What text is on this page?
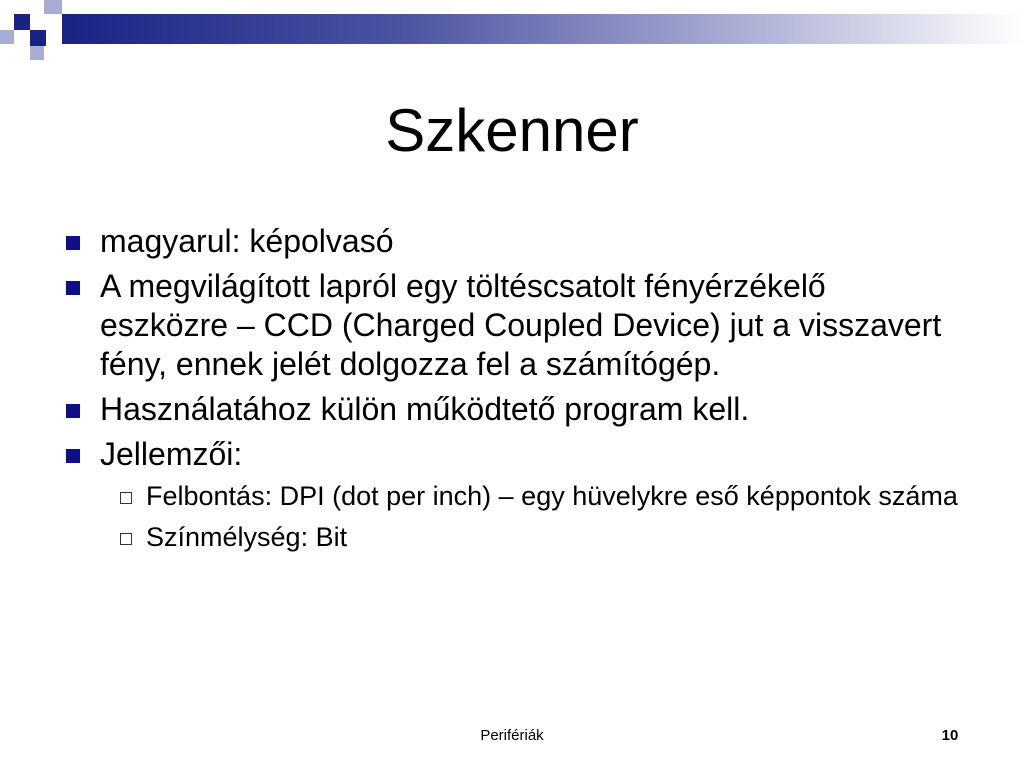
Szkenner
magyarul: képolvasó
A megvilágított lapról egy töltéscsatolt fényérzékelő eszközre – CCD (Charged Coupled Device) jut a visszavert fény, ennek jelét dolgozza fel a számítógép.
Használatához külön működtető program kell.
Jellemzői:
Felbontás: DPI (dot per inch) – egy hüvelykre eső képpontok száma
Színmélység: Bit
Perifériák	10
